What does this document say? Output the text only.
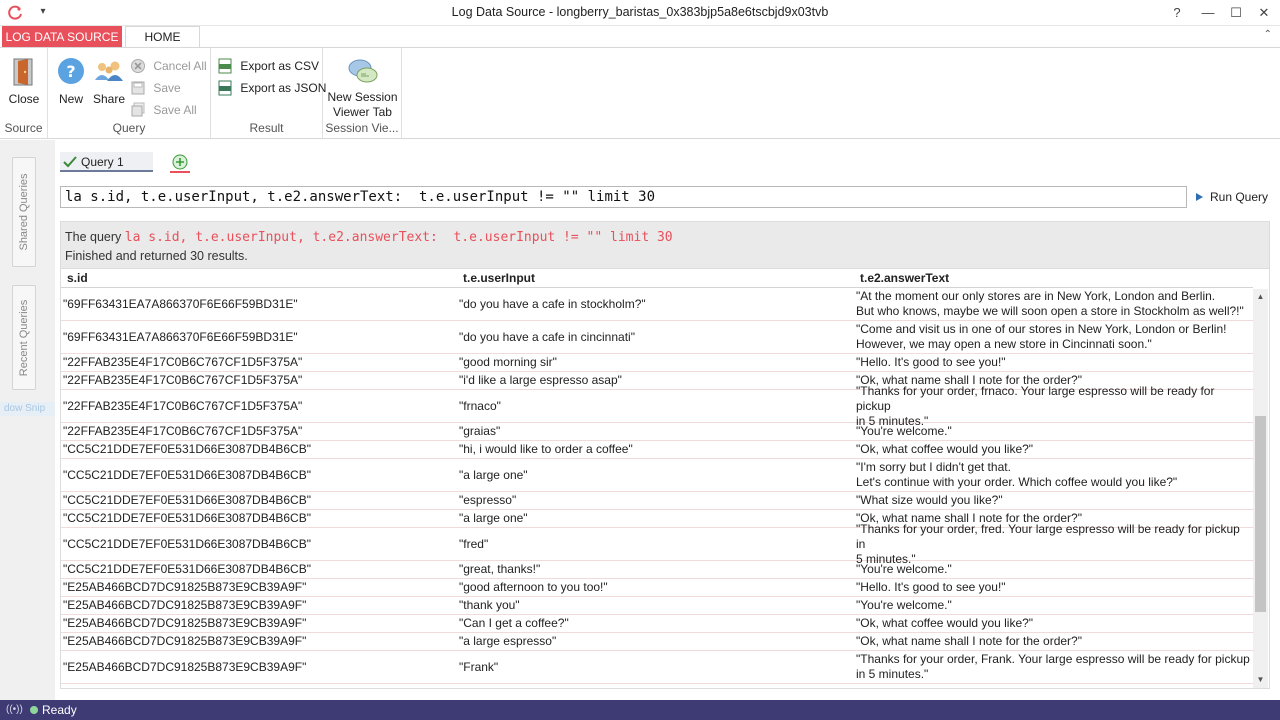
▾	Log Data Source - longberry_baristas_0x383bjp5a8e6tscbjd9x03tvb	?	—	☐	✕
LOG DATA SOURCE	HOME	⌃
Close
Source
?
New Share
Cancel All
Save
Save All
Query
Export as CSV
Export as JSON
Result
New Session
Viewer Tab
Session Vie...
Shared Queries
Recent Queries
dow Snip
Query 1
la s.id, t.e.userInput, t.e2.answerText:  t.e.userInput != "" limit 30	Run Query
The query la s.id, t.e.userInput, t.e2.answerText:  t.e.userInput != "" limit 30
Finished and returned 30 results.
s.id	t.e.userInput	t.e2.answerText
"69FF63431EA7A866370F6E66F59BD31E"	"do you have a cafe in stockholm?"
"At the moment our only stores are in New York, London and Berlin.
But who knows, maybe we will soon open a store in Stockholm as well?!"
"69FF63431EA7A866370F6E66F59BD31E"	"do you have a cafe in cincinnati"
"Come and visit us in one of our stores in New York, London or Berlin!
However, we may open a new store in Cincinnati soon."
"22FFAB235E4F17C0B6C767CF1D5F375A"	"good morning sir"	"Hello. It's good to see you!"
"22FFAB235E4F17C0B6C767CF1D5F375A"	"i'd like a large espresso asap"	"Ok, what name shall I note for the order?"
"22FFAB235E4F17C0B6C767CF1D5F375A"	"frnaco"
"Thanks for your order, frnaco. Your large espresso will be ready for pickup
in 5 minutes."
"22FFAB235E4F17C0B6C767CF1D5F375A"	"graias"	"You're welcome."
"CC5C21DDE7EF0E531D66E3087DB4B6CB"	"hi, i would like to order a coffee"	"Ok, what coffee would you like?"
"CC5C21DDE7EF0E531D66E3087DB4B6CB"	"a large one"
"I'm sorry but I didn't get that.
Let's continue with your order. Which coffee would you like?"
"CC5C21DDE7EF0E531D66E3087DB4B6CB"	"espresso"	"What size would you like?"
"CC5C21DDE7EF0E531D66E3087DB4B6CB"	"a large one"	"Ok, what name shall I note for the order?"
"CC5C21DDE7EF0E531D66E3087DB4B6CB"	"fred"
"Thanks for your order, fred. Your large espresso will be ready for pickup in
5 minutes."
"CC5C21DDE7EF0E531D66E3087DB4B6CB"	"great, thanks!"	"You're welcome."
"E25AB466BCD7DC91825B873E9CB39A9F"	"good afternoon to you too!"	"Hello. It's good to see you!"
"E25AB466BCD7DC91825B873E9CB39A9F"	"thank you"	"You're welcome."
"E25AB466BCD7DC91825B873E9CB39A9F"	"Can I get a coffee?"	"Ok, what coffee would you like?"
"E25AB466BCD7DC91825B873E9CB39A9F"	"a large espresso"	"Ok, what name shall I note for the order?"
"E25AB466BCD7DC91825B873E9CB39A9F"	"Frank"
"Thanks for your order, Frank. Your large espresso will be ready for pickup
in 5 minutes."
▲
▼
((•)) Ready
